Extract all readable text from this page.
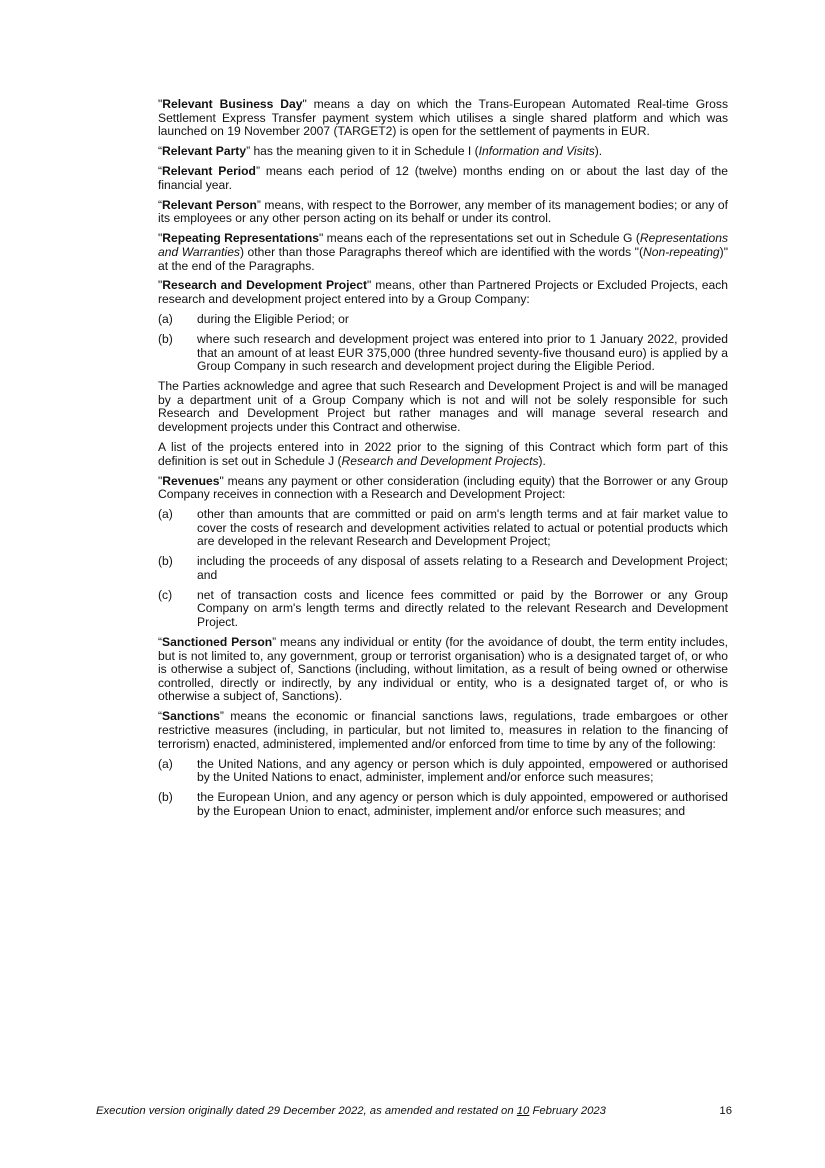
"Relevant Business Day" means a day on which the Trans-European Automated Real-time Gross Settlement Express Transfer payment system which utilises a single shared platform and which was launched on 19 November 2007 (TARGET2) is open for the settlement of payments in EUR.

“Relevant Party” has the meaning given to it in Schedule I (Information and Visits).

“Relevant Period” means each period of 12 (twelve) months ending on or about the last day of the financial year.

“Relevant Person” means, with respect to the Borrower, any member of its management bodies; or any of its employees or any other person acting on its behalf or under its control.

"Repeating Representations" means each of the representations set out in Schedule G (Representations and Warranties) other than those Paragraphs thereof which are identified with the words "(Non-repeating)" at the end of the Paragraphs.

"Research and Development Project" means, other than Partnered Projects or Excluded Projects, each research and development project entered into by a Group Company:

(a)	during the Eligible Period; or
(b)	where such research and development project was entered into prior to 1 January 2022, provided that an amount of at least EUR 375,000 (three hundred seventy-five thousand euro) is applied by a Group Company in such research and development project during the Eligible Period.

The Parties acknowledge and agree that such Research and Development Project is and will be managed by a department unit of a Group Company which is not and will not be solely responsible for such Research and Development Project but rather manages and will manage several research and development projects under this Contract and otherwise.

A list of the projects entered into in 2022 prior to the signing of this Contract which form part of this definition is set out in Schedule J (Research and Development Projects).

"Revenues" means any payment or other consideration (including equity) that the Borrower or any Group Company receives in connection with a Research and Development Project:

(a)	other than amounts that are committed or paid on arm's length terms and at fair market value to cover the costs of research and development activities related to actual or potential products which are developed in the relevant Research and Development Project;
(b)	including the proceeds of any disposal of assets relating to a Research and Development Project; and
(c)	net of transaction costs and licence fees committed or paid by the Borrower or any Group Company on arm's length terms and directly related to the relevant Research and Development Project.

“Sanctioned Person” means any individual or entity (for the avoidance of doubt, the term entity includes, but is not limited to, any government, group or terrorist organisation) who is a designated target of, or who is otherwise a subject of, Sanctions (including, without limitation, as a result of being owned or otherwise controlled, directly or indirectly, by any individual or entity, who is a designated target of, or who is otherwise a subject of, Sanctions).

“Sanctions” means the economic or financial sanctions laws, regulations, trade embargoes or other restrictive measures (including, in particular, but not limited to, measures in relation to the financing of terrorism) enacted, administered, implemented and/or enforced from time to time by any of the following:

(a)	the United Nations, and any agency or person which is duly appointed, empowered or authorised by the United Nations to enact, administer, implement and/or enforce such measures;
(b)	the European Union, and any agency or person which is duly appointed, empowered or authorised by the European Union to enact, administer, implement and/or enforce such measures; and
Execution version originally dated 29 December 2022, as amended and restated on 10 February 2023	16
